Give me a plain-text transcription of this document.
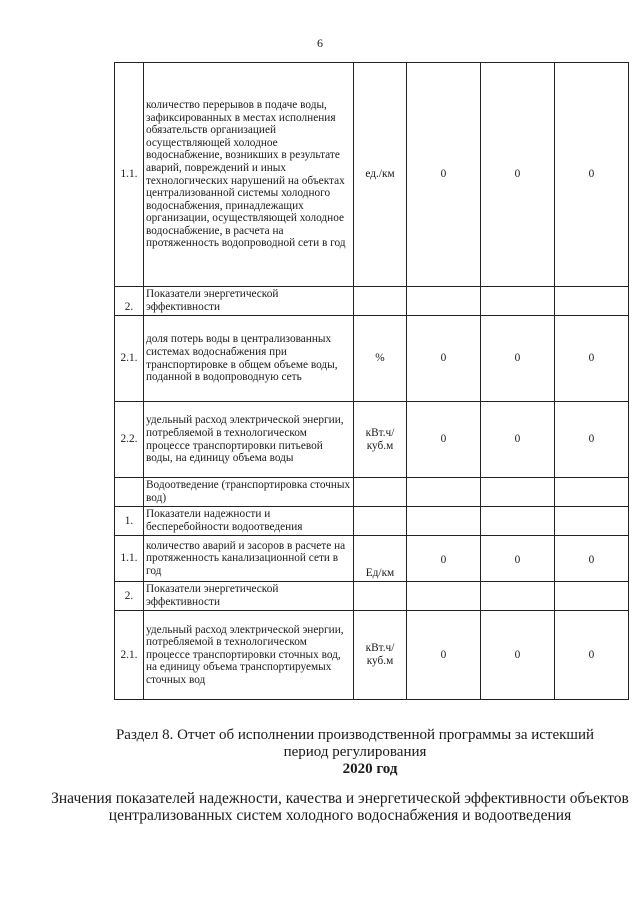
6
1.1.	количество перерывов в подаче воды, зафиксированных в местах исполнения обязательств организацией осуществляющей холодное водоснабжение, возникших в результате аварий, повреждений и иных технологических нарушений на объектах централизованной системы холодного водоснабжения, принадлежащих организации, осуществляющей холодное водоснабжение, в расчета на протяженность водопроводной сети в год	ед./км	0	0	0
2.	Показатели энергетической эффективности				
2.1.	доля потерь воды в централизованных системах водоснабжения при транспортировке в общем объеме воды, поданной в водопроводную сеть	%	0	0	0
2.2.	удельный расход электрической энергии, потребляемой в технологическом процессе транспортировки питьевой воды, на единицу объема воды	кВт.ч/куб.м	0	0	0
	Водоотведение (транспортировка сточных вод)				
1.	Показатели надежности и бесперебойности водоотведения				
1.1.	количество аварий и засоров в расчете на протяженность канализационной сети в год	Ед/км	0	0	0
2.	Показатели энергетической эффективности				
2.1.	удельный расход электрической энергии, потребляемой в технологическом процессе транспортировки сточных вод, на единицу объема транспортируемых сточных вод	кВт.ч/куб.м	0	0	0
Раздел 8. Отчет об исполнении производственной программы за истекший период регулирования
2020 год
Значения показателей надежности, качества и энергетической эффективности объектов централизованных систем холодного водоснабжения и водоотведения
